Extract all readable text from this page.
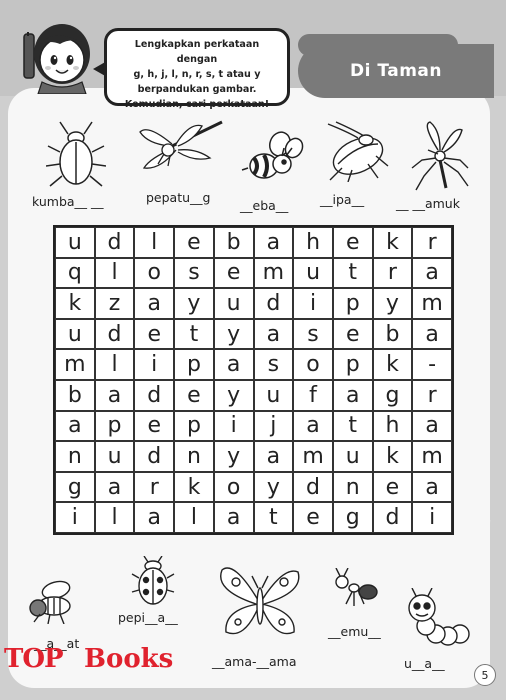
Lengkapkan perkataan dengan
g, h, j, l, n, r, s, t atau y
berpandukan gambar.
Kemudian, cari perkataan!
Di Taman
kumba__ __	pepatu__g
__eba__	__ipa__	__ __amuk
u	d	l	e	b	a	h	e	k	r
q	l	o	s	e	m	u	t	r	a
k	z	a	y	u	d	i	p	y	m
u	d	e	t	y	a	s	e	b	a
m	l	i	p	a	s	o	p	k	-
b	a	d	e	y	u	f	a	g	r
a	p	e	p	i	j	a	t	h	a
n	u	d	n	y	a	m	u	k	m
g	a	r	k	o	y	d	n	e	a
i	l	a	l	a	t	e	g	d	i
__a__at
pepi__a__
__ama-__ama
__emu__
u__a__
TOP Books
5
